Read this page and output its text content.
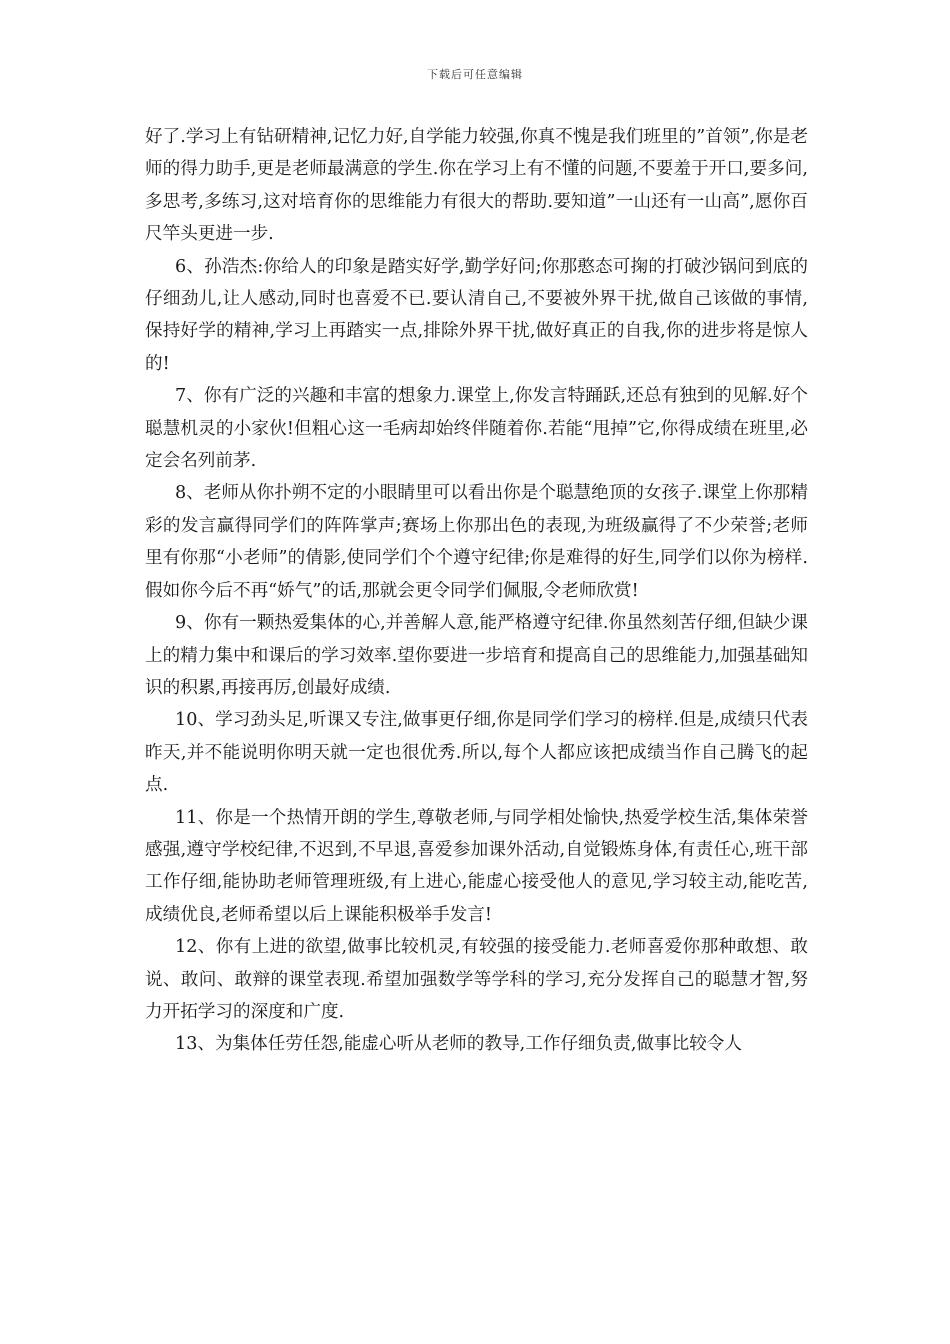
下载后可任意编辑

好了.学习上有钻研精神,记忆力好,自学能力较强,你真不愧是我们班里的”首领”,你是老师的得力助手,更是老师最满意的学生.你在学习上有不懂的问题,不要羞于开口,要多问,多思考,多练习,这对培育你的思维能力有很大的帮助.要知道”一山还有一山高”,愿你百尺竿头更进一步.

6、孙浩杰:你给人的印象是踏实好学,勤学好问;你那憨态可掬的打破沙锅问到底的仔细劲儿,让人感动,同时也喜爱不已.要认清自己,不要被外界干扰,做自己该做的事情,保持好学的精神,学习上再踏实一点,排除外界干扰,做好真正的自我,你的进步将是惊人的!

7、你有广泛的兴趣和丰富的想象力.课堂上,你发言特踊跃,还总有独到的见解.好个聪慧机灵的小家伙!但粗心这一毛病却始终伴随着你.若能“甩掉”它,你得成绩在班里,必定会名列前茅.

8、老师从你扑朔不定的小眼睛里可以看出你是个聪慧绝顶的女孩子.课堂上你那精彩的发言赢得同学们的阵阵掌声;赛场上你那出色的表现,为班级赢得了不少荣誉;老师里有你那“小老师”的倩影,使同学们个个遵守纪律;你是难得的好生,同学们以你为榜样.假如你今后不再“娇气”的话,那就会更令同学们佩服,令老师欣赏!

9、你有一颗热爱集体的心,并善解人意,能严格遵守纪律.你虽然刻苦仔细,但缺少课上的精力集中和课后的学习效率.望你要进一步培育和提高自己的思维能力,加强基础知识的积累,再接再厉,创最好成绩.

10、学习劲头足,听课又专注,做事更仔细,你是同学们学习的榜样.但是,成绩只代表昨天,并不能说明你明天就一定也很优秀.所以,每个人都应该把成绩当作自己腾飞的起点.

11、你是一个热情开朗的学生,尊敬老师,与同学相处愉快,热爱学校生活,集体荣誉感强,遵守学校纪律,不迟到,不早退,喜爱参加课外活动,自觉锻炼身体,有责任心,班干部工作仔细,能协助老师管理班级,有上进心,能虚心接受他人的意见,学习较主动,能吃苦,成绩优良,老师希望以后上课能积极举手发言!

12、你有上进的欲望,做事比较机灵,有较强的接受能力.老师喜爱你那种敢想、敢说、敢问、敢辩的课堂表现.希望加强数学等学科的学习,充分发挥自己的聪慧才智,努力开拓学习的深度和广度.

13、为集体任劳任怨,能虚心听从老师的教导,工作仔细负责,做事比较令人
